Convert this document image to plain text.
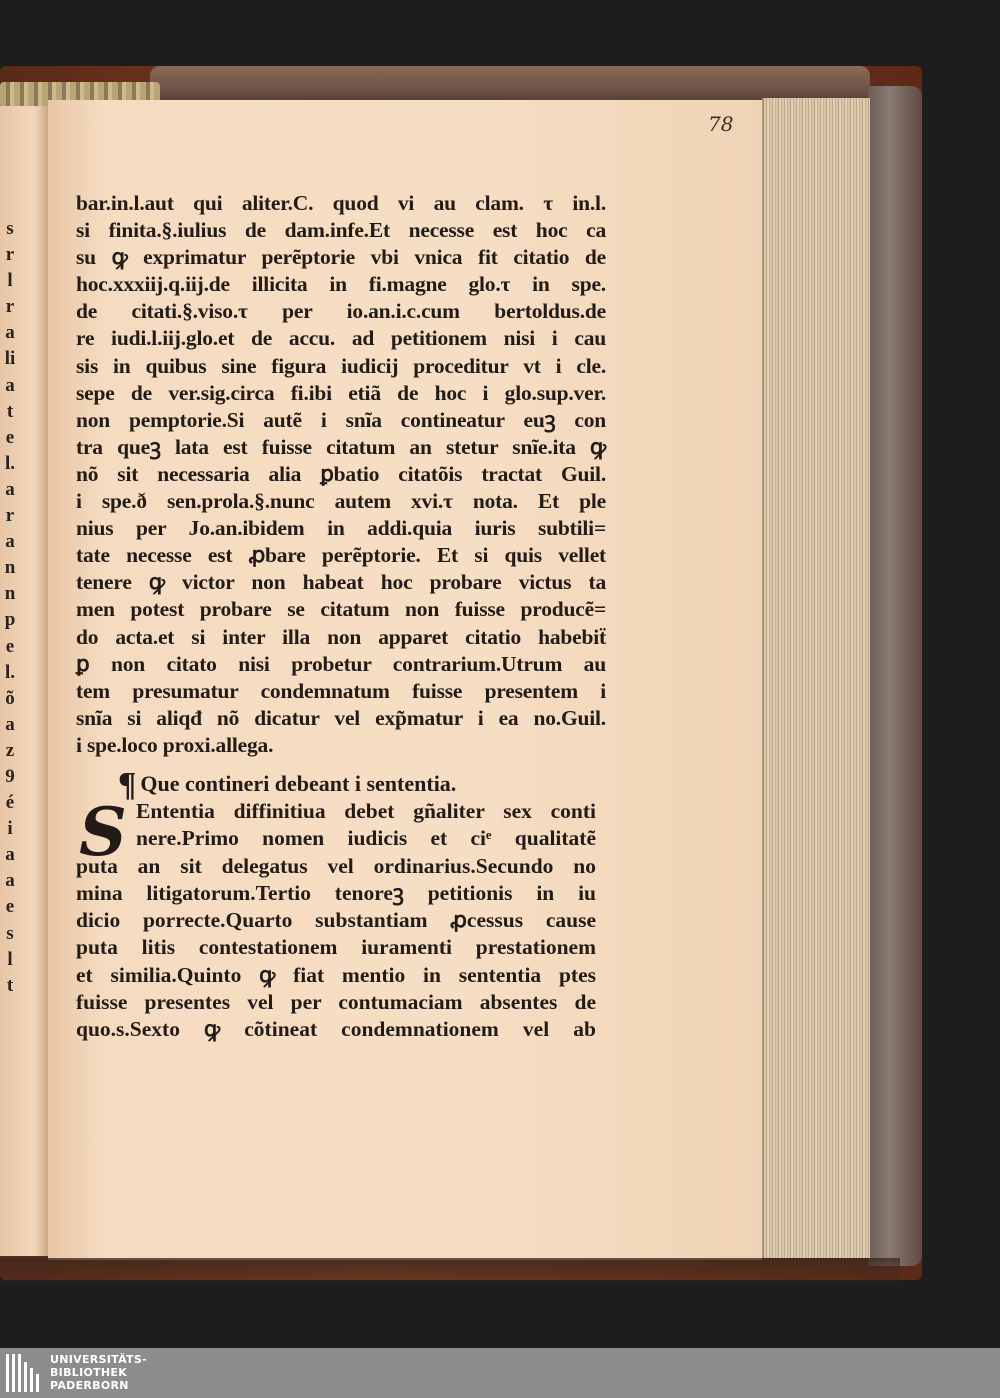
78
s
r
l
r
a
li
a
t
e
l.
a
r
a
n
n
p
e
l.
õ
a
z
9
é
i
a
a
e
s
l
t
bar.in.l.aut qui aliter.C. quod vi au clam. τ in.l.
si finita.§.iulius de dam.infe.Et necesse est hoc ca
su ꝙ exprimatur perẽptorie vbi vnica fit citatio de
hoc.xxxiij.q.iij.de illicita in fi.magne glo.τ in spe.
de citati.§.viso.τ per io.an.i.c.cum bertoldus.de
re iudi.l.iij.glo.et de accu. ad petitionem nisi i cau
sis in quibus sine figura iudicij proceditur vt i cle.
sepe de ver.sig.circa fi.ibi etiã de hoc i glo.sup.ver.
non pemptorie.Si autẽ i snĩa contineatur euꝫ con
tra queꝫ lata est fuisse citatum an stetur snĩe.ita ꝙ
nõ sit necessaria alia ꝑbatio citatõis tractat Guil.
i spe.ð sen.prola.§.nunc autem xvi.τ nota. Et ple
nius per Jo.an.ibidem in addi.quia iuris subtili=
tate necesse est ꝓbare perẽptorie. Et si quis vellet
tenere ꝙ victor non habeat hoc probare victus ta
men potest probare se citatum non fuisse producẽ=
do acta.et si inter illa non apparet citatio habebiẗ
ꝑ non citato nisi probetur contrarium.Utrum au
tem presumatur condemnatum fuisse presentem i
snĩa si aliqđ nõ dicatur vel exp̃matur i ea no.Guil.
i spe.loco proxi.allega.
¶ Que contineri debeant i sententia.
S Ententia diffinitiua debet gñaliter sex conti
nere.Primo nomen iudicis et ciᵉ qualitatẽ
puta an sit delegatus vel ordinarius.Secundo no
mina litigatorum.Tertio tenoreꝫ petitionis in iu
dicio porrecte.Quarto substantiam ꝓcessus cause
puta litis contestationem iuramenti prestationem
et similia.Quinto ꝙ fiat mentio in sententia ptes
fuisse presentes vel per contumaciam absentes de
quo.s.Sexto ꝙ cõtineat condemnationem vel ab
UNIVERSITÄTS-
BIBLIOTHEK
PADERBORN
